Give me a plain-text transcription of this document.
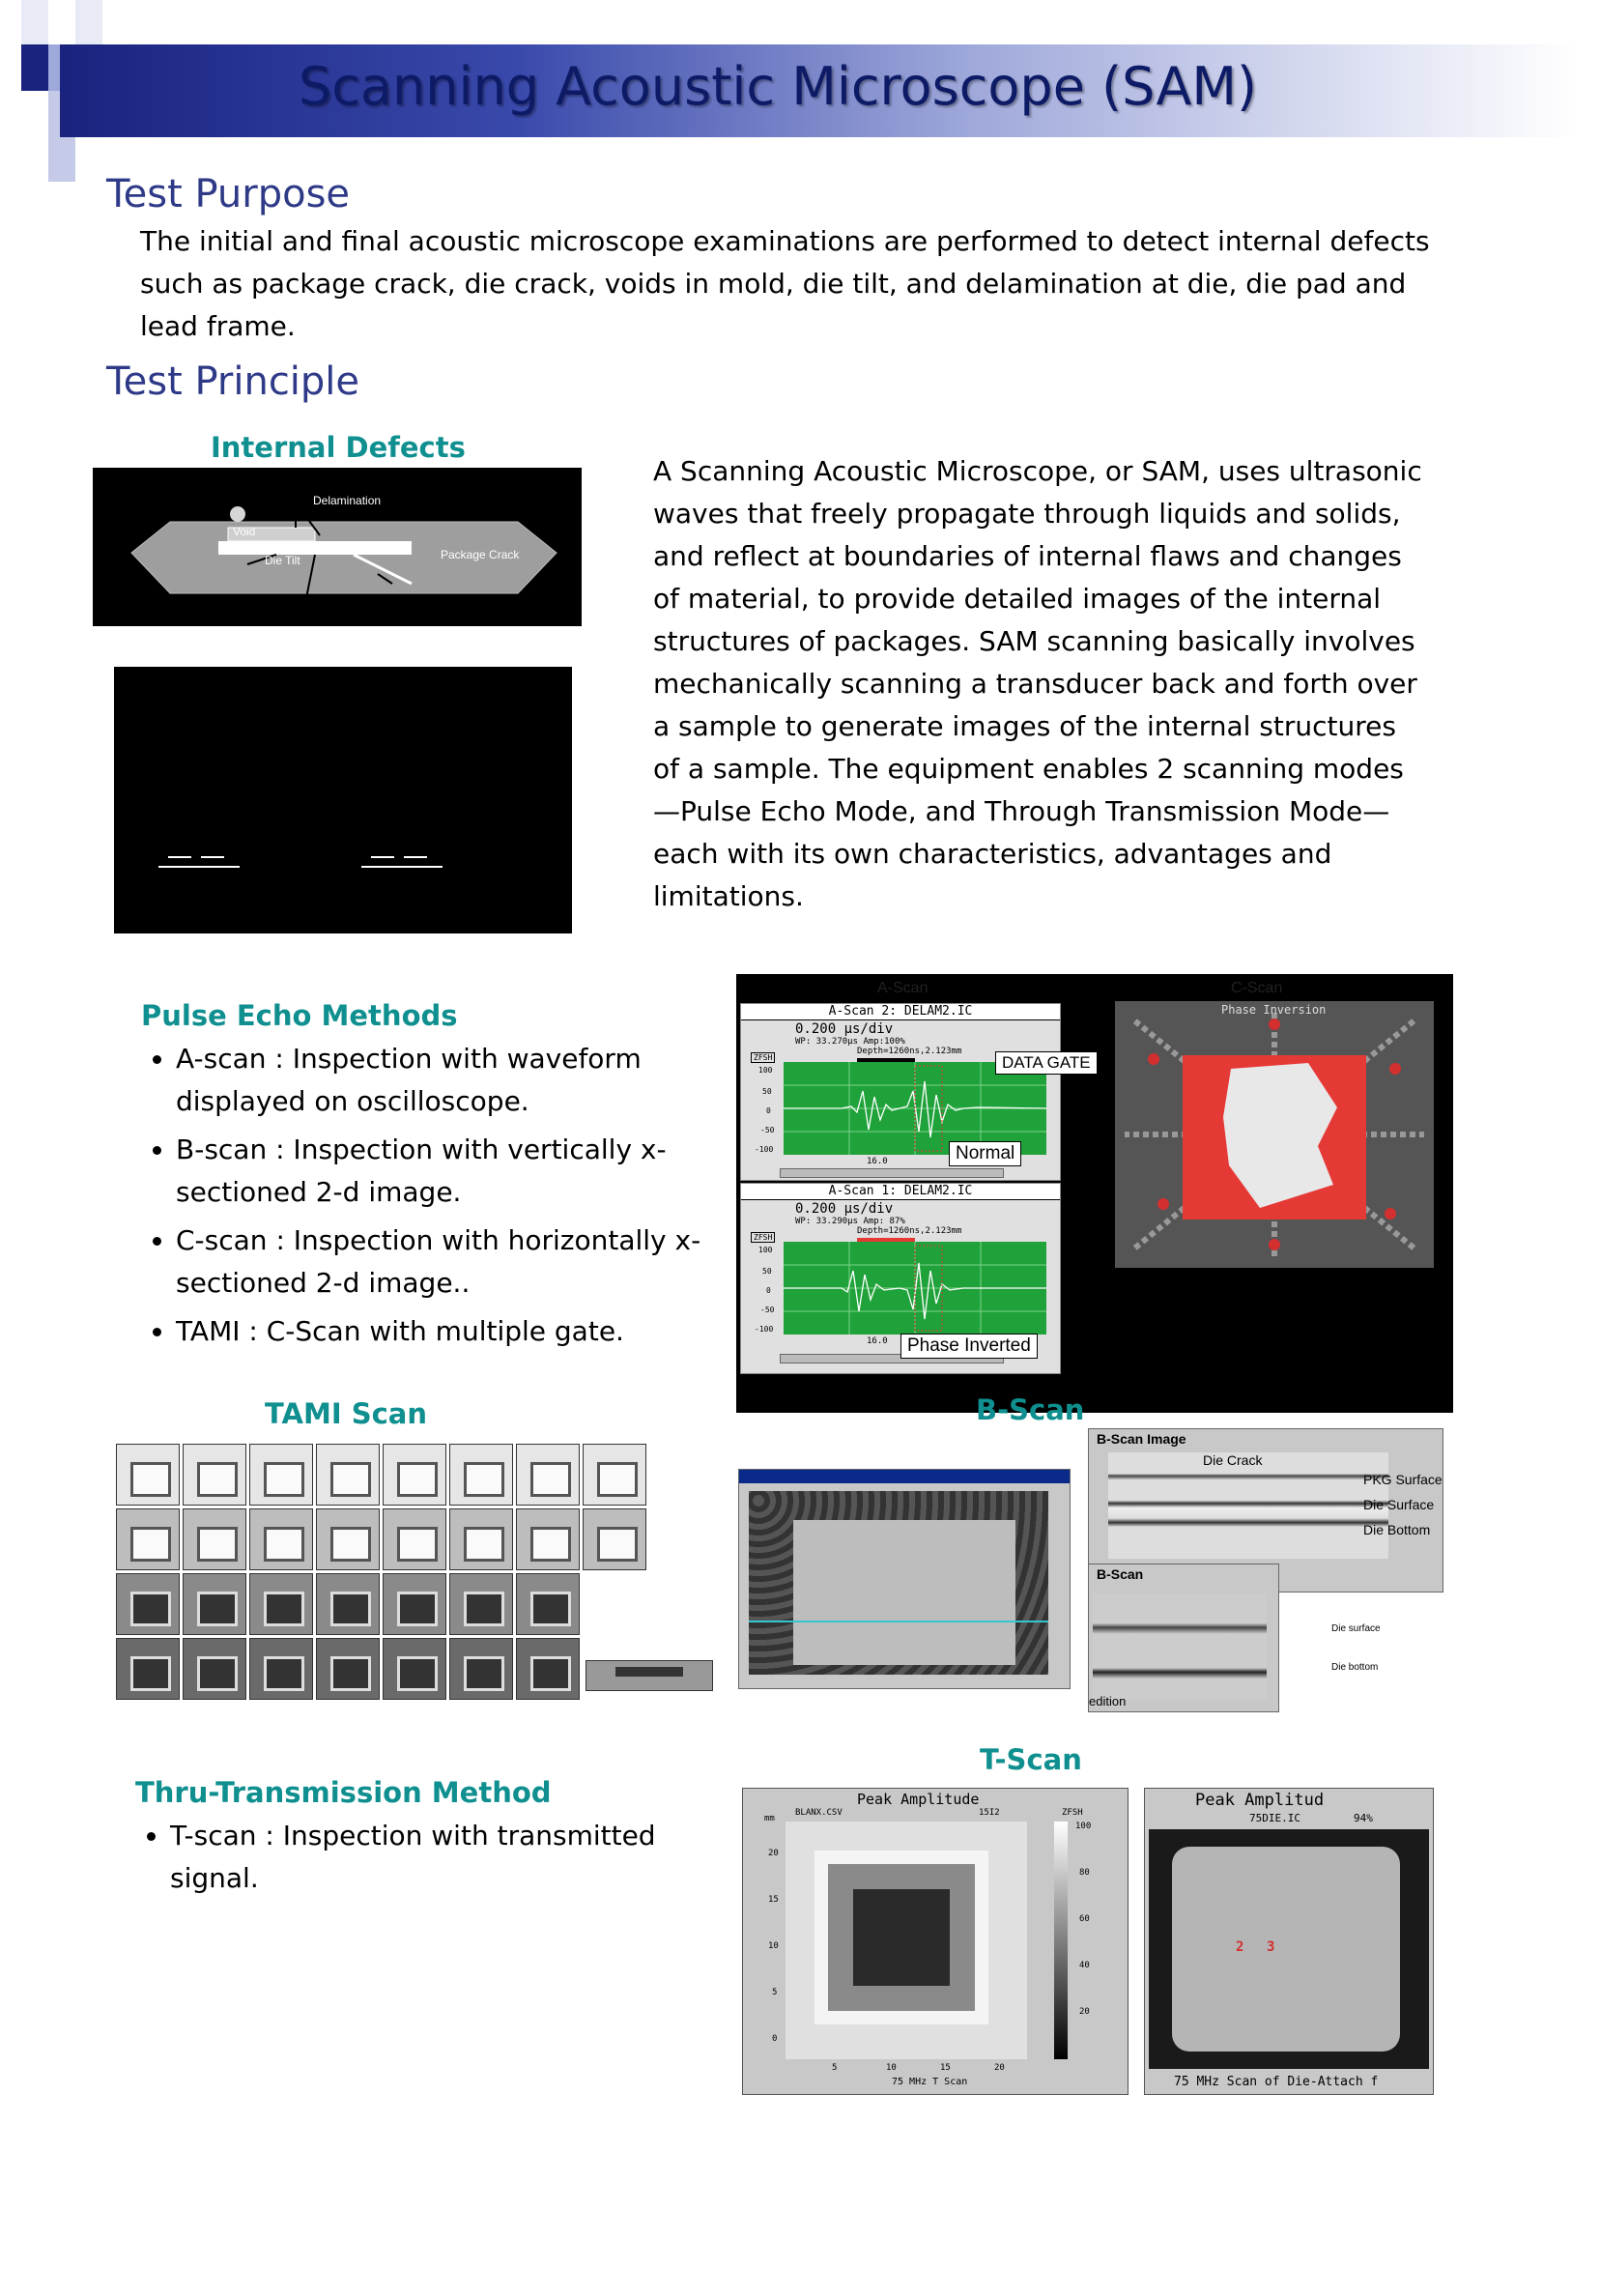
Scanning Acoustic Microscope (SAM)
Test Purpose
The initial and final acoustic microscope examinations are performed to detect internal defects such as package crack, die crack, voids in mold, die tilt, and delamination at die, die pad and lead frame.
Test Principle
Internal Defects
Delamination
Void
Die Tilt	Package Crack
A Scanning Acoustic Microscope, or SAM, uses ultrasonic waves that freely propagate through liquids and solids, and reflect at boundaries of internal flaws and changes of material, to provide detailed images of the internal structures of packages. SAM scanning basically involves mechanically scanning a transducer back and forth over a sample to generate images of the internal structures of a sample. The equipment enables 2 scanning modes—Pulse Echo Mode, and Through Transmission Mode—each with its own characteristics, advantages and limitations.
Pulse Echo Methods
• A-scan : Inspection with waveform displayed on oscilloscope.
• B-scan : Inspection with vertically x-sectioned 2-d image.
• C-scan : Inspection with horizontally x-sectioned 2-d image..
• TAMI : C-Scan with multiple gate.
A-Scan	C-Scan
A-Scan 2: DELAM2.IC
0.200 µs/div
WP: 33.270µs Amp:100%
ZFSH
Depth=1260ns,2.123mm
100
50
0
-50
-100
16.0
DATA GATE
Normal
A-Scan 1: DELAM2.IC
0.200 µs/div
WP: 33.290µs Amp: 87%
ZFSH
Depth=1260ns,2.123mm
100
50
0
-50
-100
16.0	Phase Inverted
Phase Inversion
TAMI Scan	B-Scan
B-Scan Image
Die Crack
PKG Surface
Die Surface
Die Bottom
B-Scan
edition
Die surface
Die bottom
Thru-Transmission Method
• T-scan : Inspection with transmitted signal.
T-Scan
Peak Amplitude
BLANX.CSV	15I2	ZFSH
mm
20
15
10
5
0
5	10	15	20
100
80
60
40
20
75 MHz T Scan
Peak Amplitud
75DIE.IC	94%
2 3
75 MHz Scan of Die-Attach f
